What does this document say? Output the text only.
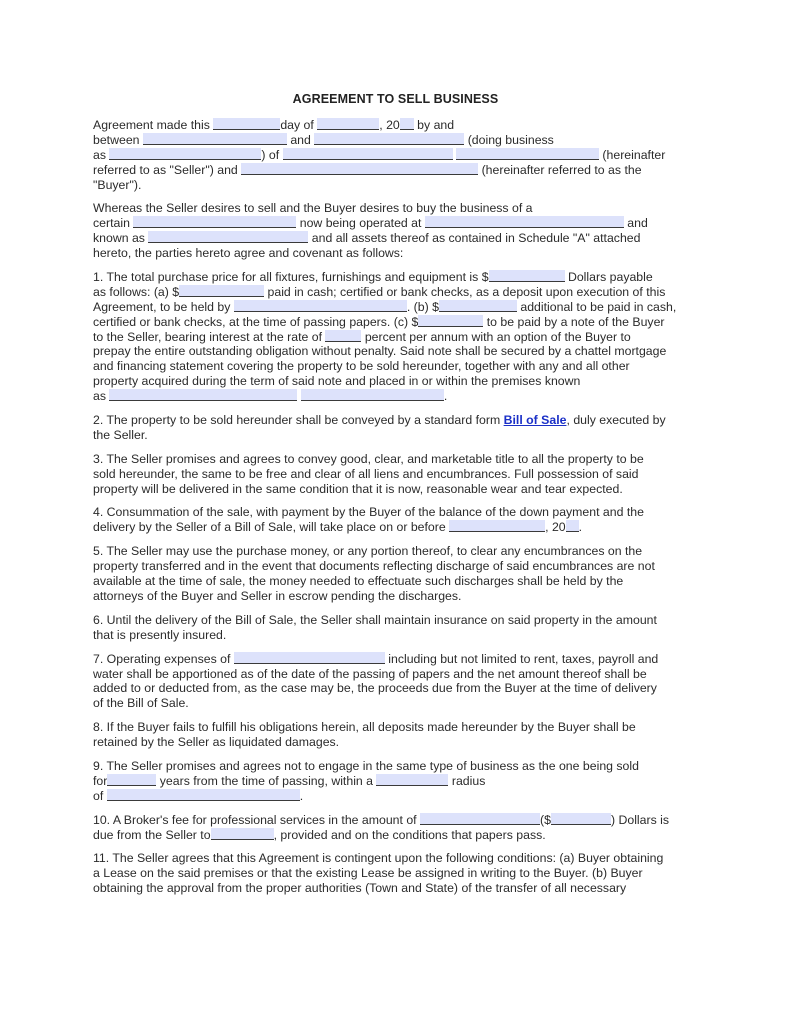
AGREEMENT TO SELL BUSINESS
Agreement made this	day of	, 20 by and
between	and	(doing business
as	) of	(hereinafter
referred to as "Seller") and	(hereinafter referred to as the
"Buyer").
Whereas the Seller desires to sell and the Buyer desires to buy the business of a
certain	now being operated at	and
known as	and all assets thereof as contained in Schedule "A" attached
hereto, the parties hereto agree and covenant as follows:
1. The total purchase price for all fixtures, furnishings and equipment is $	Dollars payable
as follows: (a) $	paid in cash; certified or bank checks, as a deposit upon execution of this
Agreement, to be held by	. (b) $	additional to be paid in cash,
certified or bank checks, at the time of passing papers. (c) $	to be paid by a note of the Buyer
to the Seller, bearing interest at the rate of	percent per annum with an option of the Buyer to
prepay the entire outstanding obligation without penalty. Said note shall be secured by a chattel mortgage
and financing statement covering the property to be sold hereunder, together with any and all other
property acquired during the term of said note and placed in or within the premises known
as	.
2. The property to be sold hereunder shall be conveyed by a standard form Bill of Sale, duly executed by
the Seller.
3. The Seller promises and agrees to convey good, clear, and marketable title to all the property to be
sold hereunder, the same to be free and clear of all liens and encumbrances. Full possession of said
property will be delivered in the same condition that it is now, reasonable wear and tear expected.
4. Consummation of the sale, with payment by the Buyer of the balance of the down payment and the
delivery by the Seller of a Bill of Sale, will take place on or before	, 20 .
5. The Seller may use the purchase money, or any portion thereof, to clear any encumbrances on the
property transferred and in the event that documents reflecting discharge of said encumbrances are not
available at the time of sale, the money needed to effectuate such discharges shall be held by the
attorneys of the Buyer and Seller in escrow pending the discharges.
6. Until the delivery of the Bill of Sale, the Seller shall maintain insurance on said property in the amount
that is presently insured.
7. Operating expenses of	including but not limited to rent, taxes, payroll and
water shall be apportioned as of the date of the passing of papers and the net amount thereof shall be
added to or deducted from, as the case may be, the proceeds due from the Buyer at the time of delivery
of the Bill of Sale.
8. If the Buyer fails to fulfill his obligations herein, all deposits made hereunder by the Buyer shall be
retained by the Seller as liquidated damages.
9. The Seller promises and agrees not to engage in the same type of business as the one being sold
for	years from the time of passing, within a	radius
of	.
10. A Broker's fee for professional services in the amount of	($	) Dollars is
due from the Seller to	, provided and on the conditions that papers pass.
11. The Seller agrees that this Agreement is contingent upon the following conditions: (a) Buyer obtaining
a Lease on the said premises or that the existing Lease be assigned in writing to the Buyer. (b) Buyer
obtaining the approval from the proper authorities (Town and State) of the transfer of all necessary
